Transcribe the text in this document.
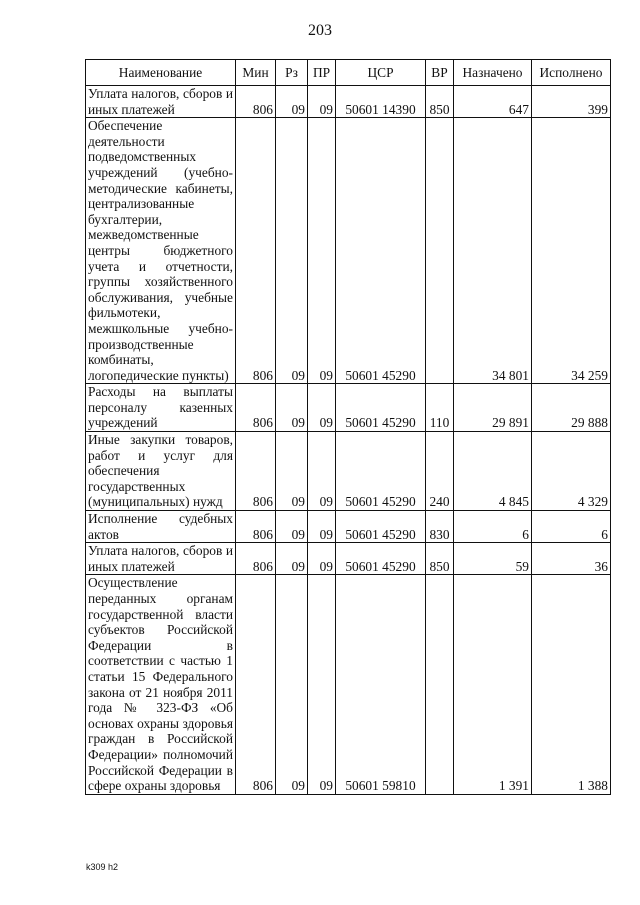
203
Наименование	Мин	Рз	ПР	ЦСР	ВР	Назначено	Исполнено
Уплата налогов, сборов и иных платежей	806	09	09	50601 14390	850	647	399
Обеспечение деятельности подведомственных учреждений (учебно-методические кабинеты, централизованные бухгалтерии, межведомственные центры бюджетного учета и отчетности, группы хозяйственного обслуживания, учебные фильмотеки, межшкольные учебно-производственные комбинаты, логопедические пункты)	806	09	09	50601 45290		34 801	34 259
Расходы на выплаты персоналу казенных учреждений	806	09	09	50601 45290	110	29 891	29 888
Иные закупки товаров, работ и услуг для обеспечения государственных (муниципальных) нужд	806	09	09	50601 45290	240	4 845	4 329
Исполнение судебных актов	806	09	09	50601 45290	830	6	6
Уплата налогов, сборов и иных платежей	806	09	09	50601 45290	850	59	36
Осуществление переданных органам государственной власти субъектов Российской Федерации в соответствии с частью 1 статьи 15 Федерального закона от 21 ноября 2011 года № 323-ФЗ «Об основах охраны здоровья граждан в Российской Федерации» полномочий Российской Федерации в сфере охраны здоровья	806	09	09	50601 59810		1 391	1 388
k309 h2
